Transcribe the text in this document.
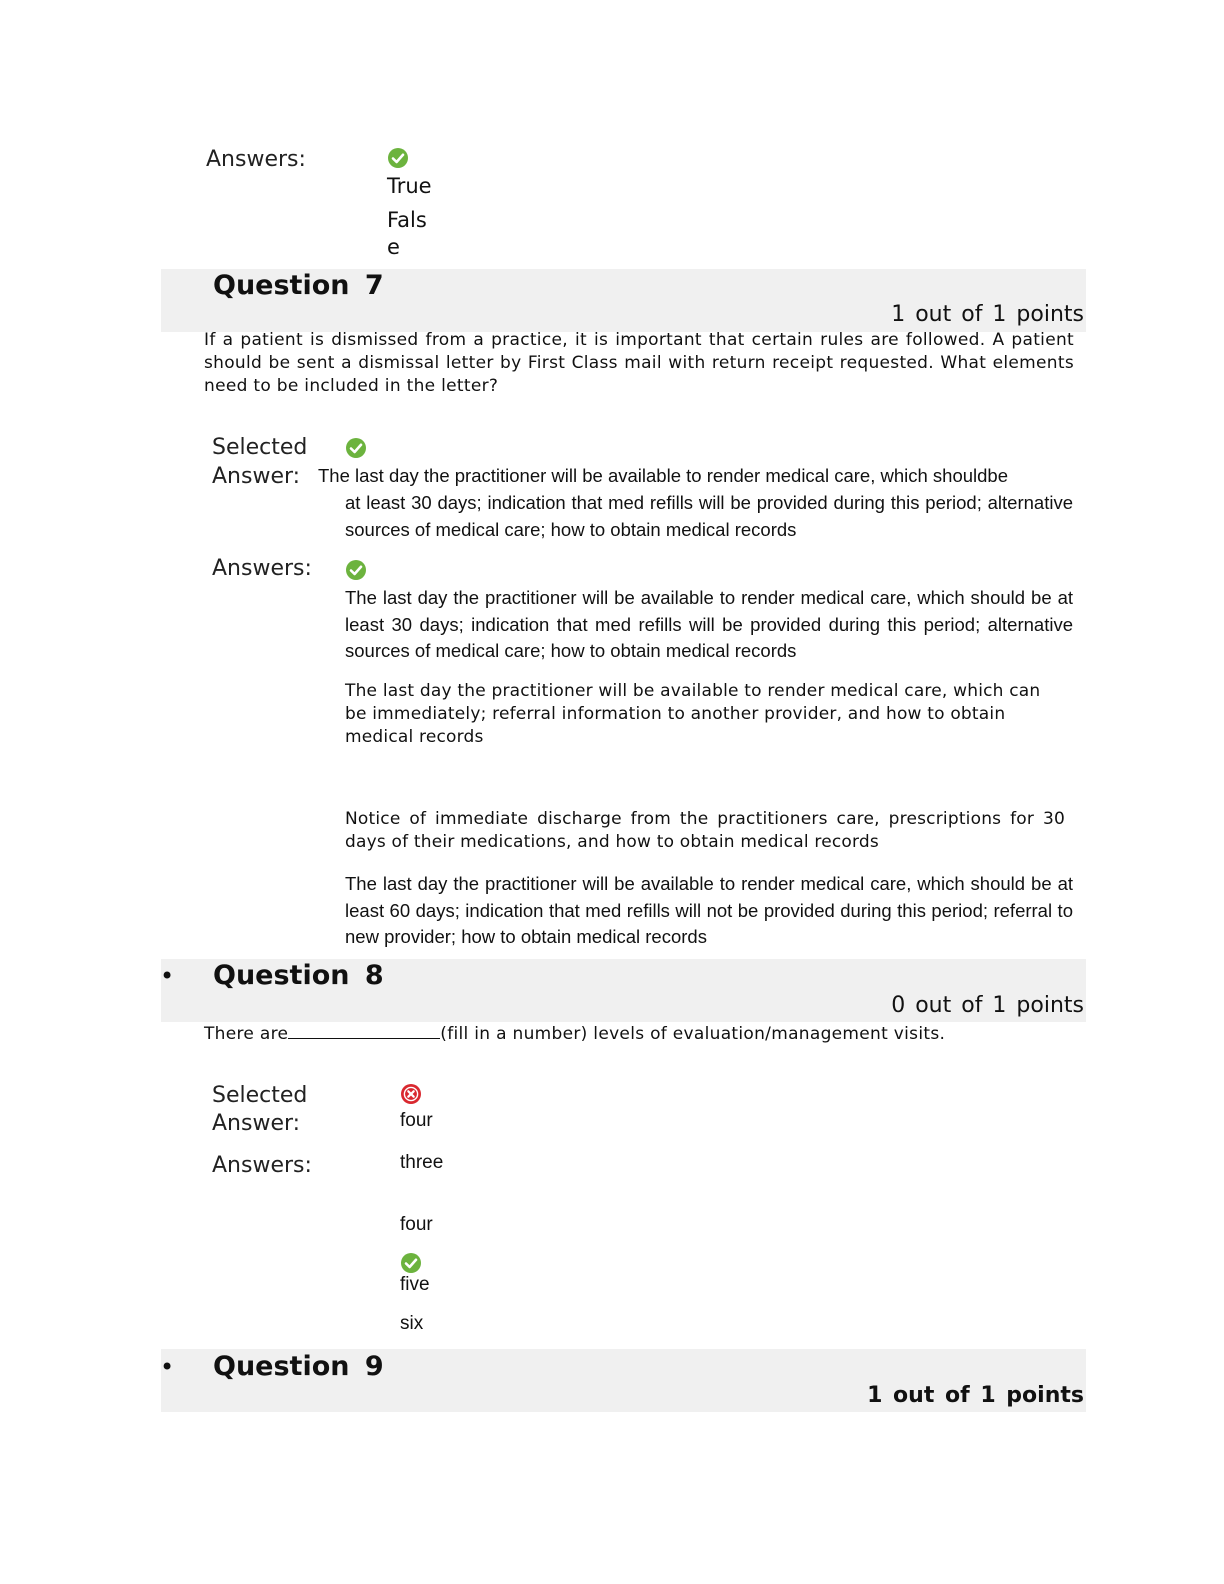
Answers:
True
False
Question 7
1 out of 1 points
If a patient is dismissed from a practice, it is important that certain rules are followed. A patient should be sent a dismissal letter by First Class mail with return receipt requested. What elements need to be included in the letter?
Selected
Answer: The last day the practitioner will be available to render medical care, which shouldbe
at least 30 days; indication that med refills will be provided during this period; alternative sources of medical care; how to obtain medical records
Answers:
The last day the practitioner will be available to render medical care, which should be at least 30 days; indication that med refills will be provided during this period; alternative sources of medical care; how to obtain medical records
The last day the practitioner will be available to render medical care, which can be immediately; referral information to another provider, and how to obtain medical records
Notice of immediate discharge from the practitioners care, prescriptions for 30 days of their medications, and how to obtain medical records
The last day the practitioner will be available to render medical care, which should be at least 60 days; indication that med refills will not be provided during this period; referral to new provider; how to obtain medical records
• Question 8
0 out of 1 points
There are	(fill in a number) levels of evaluation/management visits.
Selected
Answer:	four
Answers:	three
four
five
six
• Question 9
1 out of 1 points
